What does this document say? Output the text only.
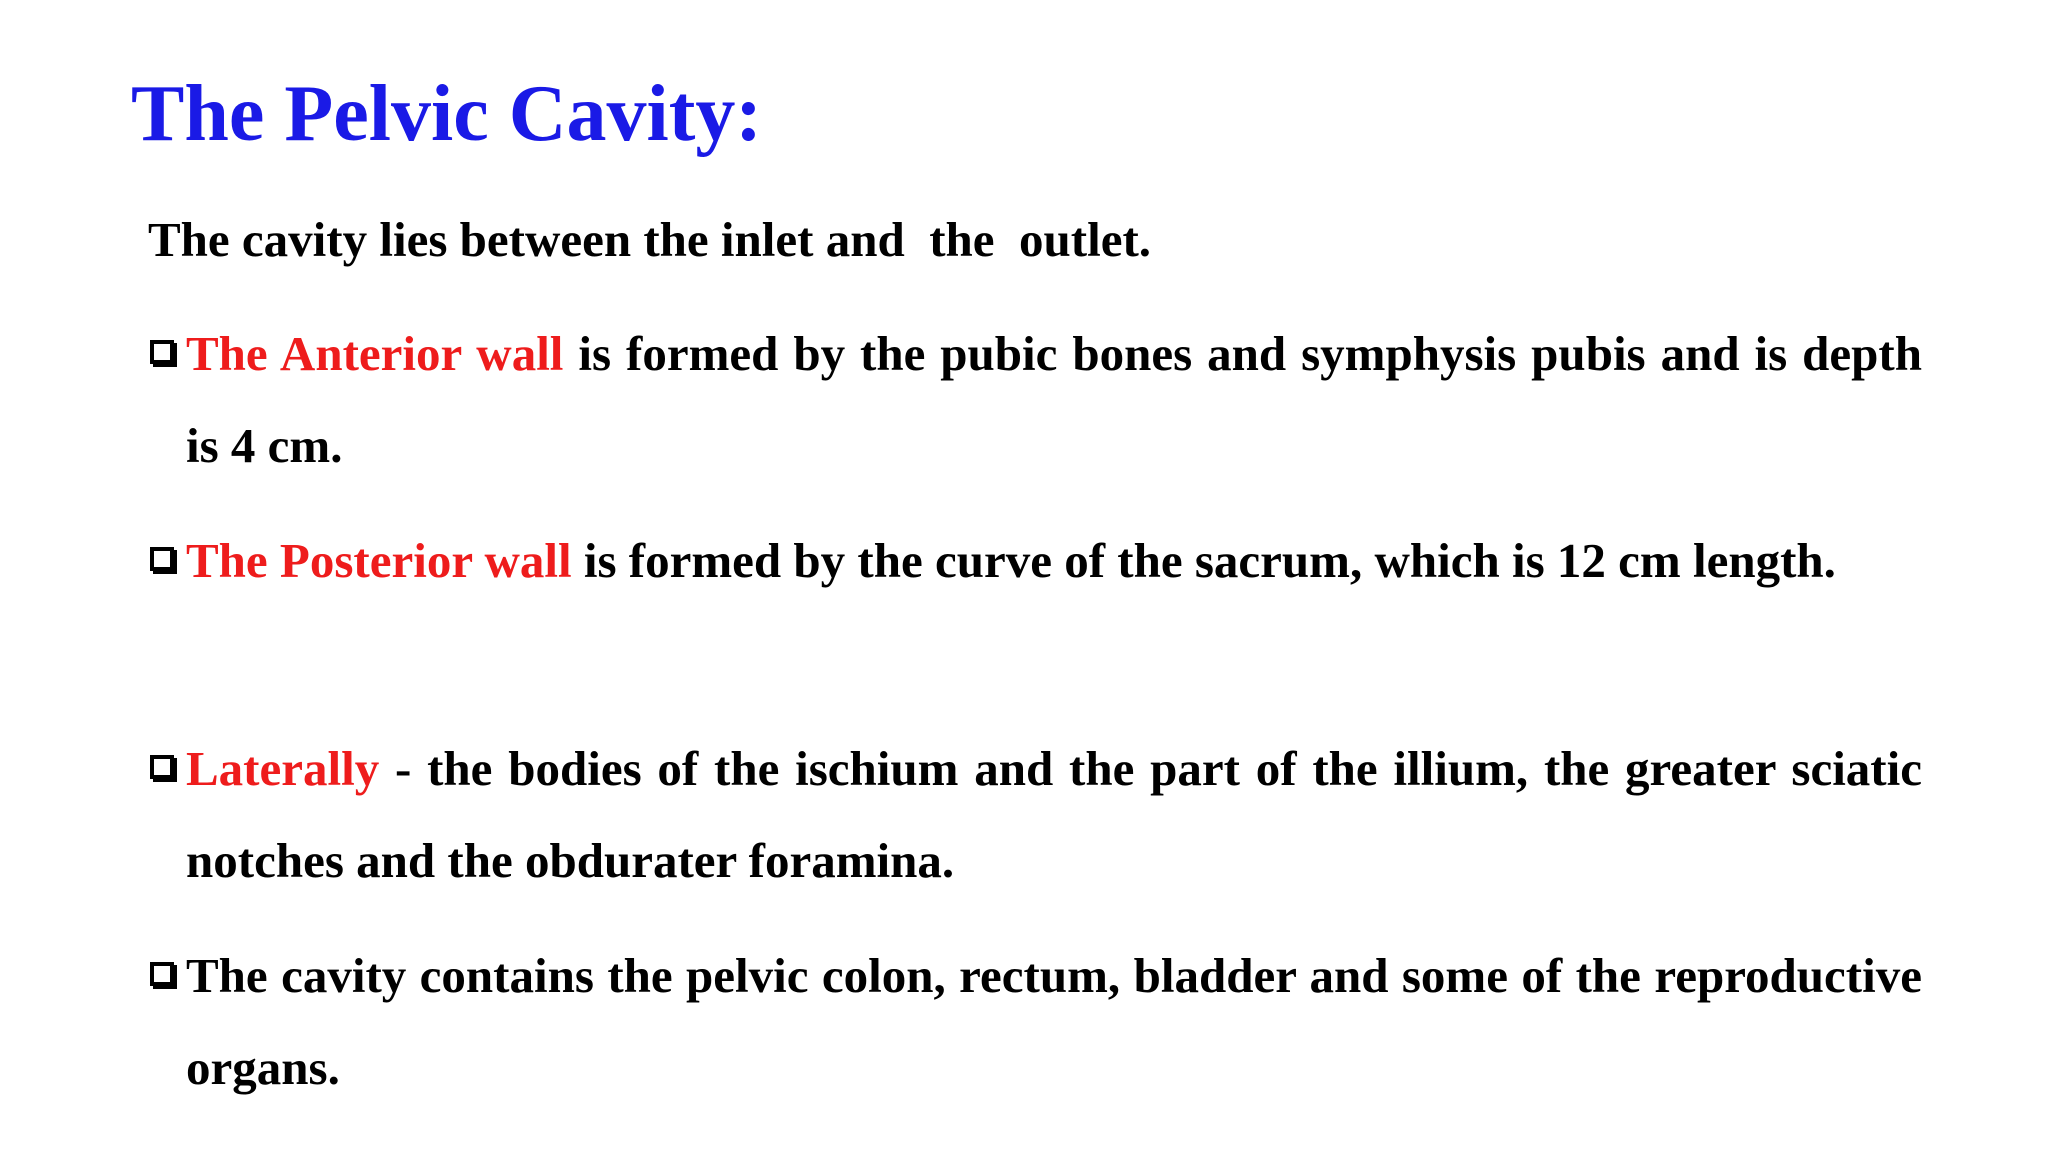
The Pelvic Cavity:

The cavity lies between the inlet and  the  outlet.

The Anterior wall is formed by the pubic bones and symphysis pubis and is depth is 4 cm.

The Posterior wall is formed by the curve of the sacrum, which is 12 cm length.

Laterally - the bodies of the ischium and the part of the illium, the greater sciatic notches and the obdurater foramina.

The cavity contains the pelvic colon, rectum, bladder and some of the reproductive organs.
